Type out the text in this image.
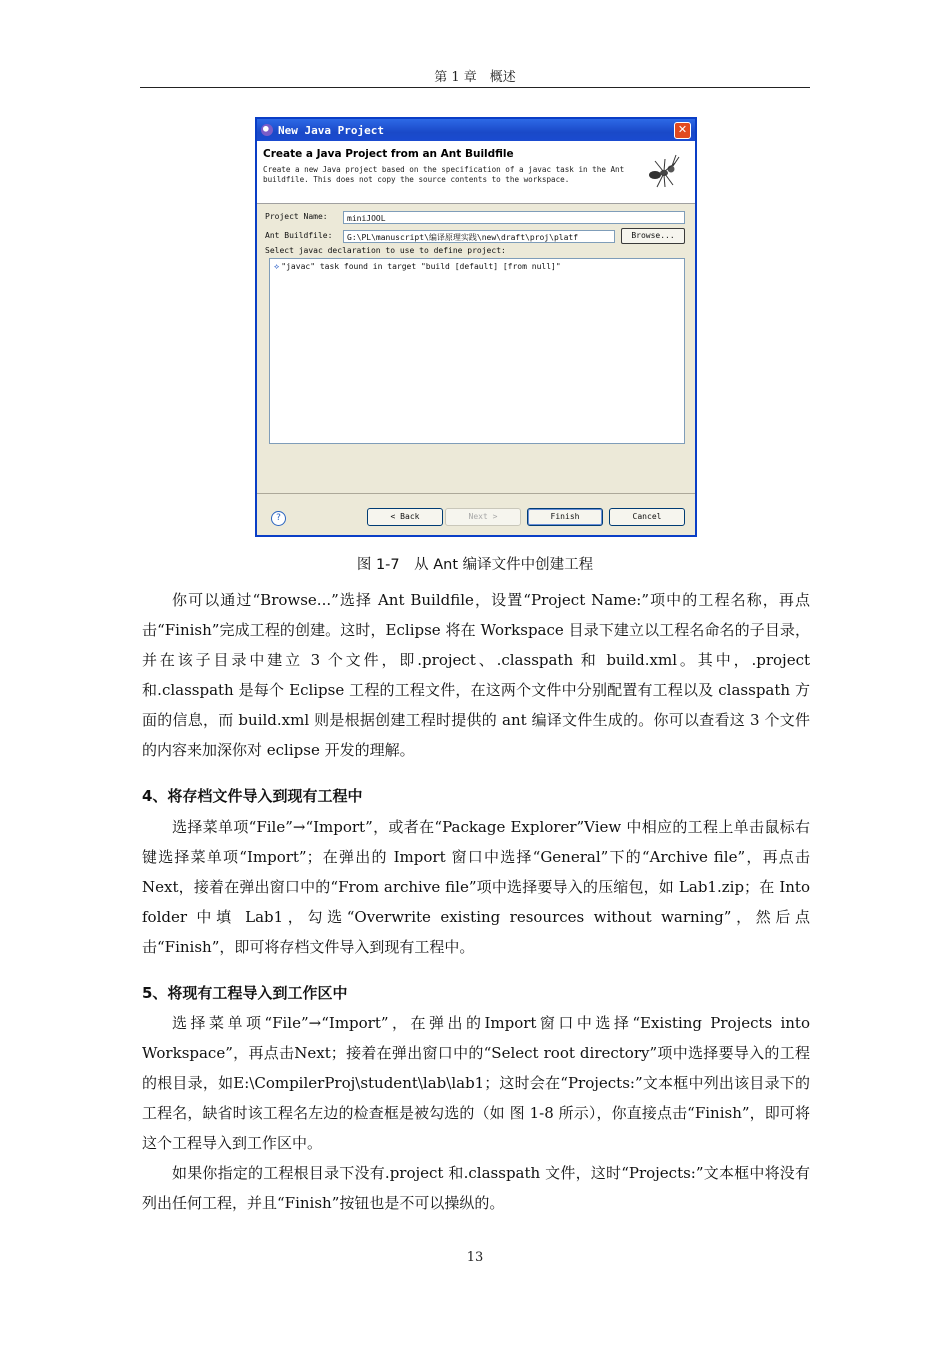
第 1 章　概述
New Java Project	✕
Create a Java Project from an Ant Buildfile
Create a new Java project based on the specification of a javac task in the Ant buildfile. This does not copy the source contents to the workspace.
Project Name:	miniJOOL
Ant Buildfile:	G:\PL\manuscript\编译原理实践\new\draft\proj\platf	Browse...
Select javac declaration to use to define project:
⟡ "javac" task found in target "build [default] [from null]"
?	< Back	Next >	Finish	Cancel
图 1-7　从 Ant 编译文件中创建工程

你可以通过“Browse...”选择 Ant Buildfile，设置“Project Name:”项中的工程名称，再点击“Finish”完成工程的创建。这时，Eclipse 将在 Workspace 目录下建立以工程名命名的子目录，并在该子目录中建立 3 个文件，即.project、.classpath 和 build.xml。其中，.project 和.classpath 是每个 Eclipse 工程的工程文件，在这两个文件中分别配置有工程以及 classpath 方面的信息，而 build.xml 则是根据创建工程时提供的 ant 编译文件生成的。你可以查看这 3 个文件的内容来加深你对 eclipse 开发的理解。

4、将存档文件导入到现有工程中

选择菜单项“File”→“Import”，或者在“Package Explorer”View 中相应的工程上单击鼠标右键选择菜单项“Import”；在弹出的 Import 窗口中选择“General”下的“Archive file”，再点击 Next，接着在弹出窗口中的“From archive file”项中选择要导入的压缩包，如 Lab1.zip；在 Into folder 中填 Lab1，勾选“Overwrite existing resources without warning”，然后点击“Finish”，即可将存档文件导入到现有工程中。

5、将现有工程导入到工作区中

选择菜单项“File”→“Import”，在弹出的Import窗口中选择“Existing Projects into Workspace”，再点击Next；接着在弹出窗口中的“Select root directory”项中选择要导入的工程的根目录，如E:\CompilerProj\student\lab\lab1；这时会在“Projects:”文本框中列出该目录下的工程名，缺省时该工程名左边的检查框是被勾选的（如 图 1-8 所示），你直接点击“Finish”，即可将这个工程导入到工作区中。

如果你指定的工程根目录下没有.project 和.classpath 文件，这时“Projects:”文本框中将没有列出任何工程，并且“Finish”按钮也是不可以操纵的。

13
